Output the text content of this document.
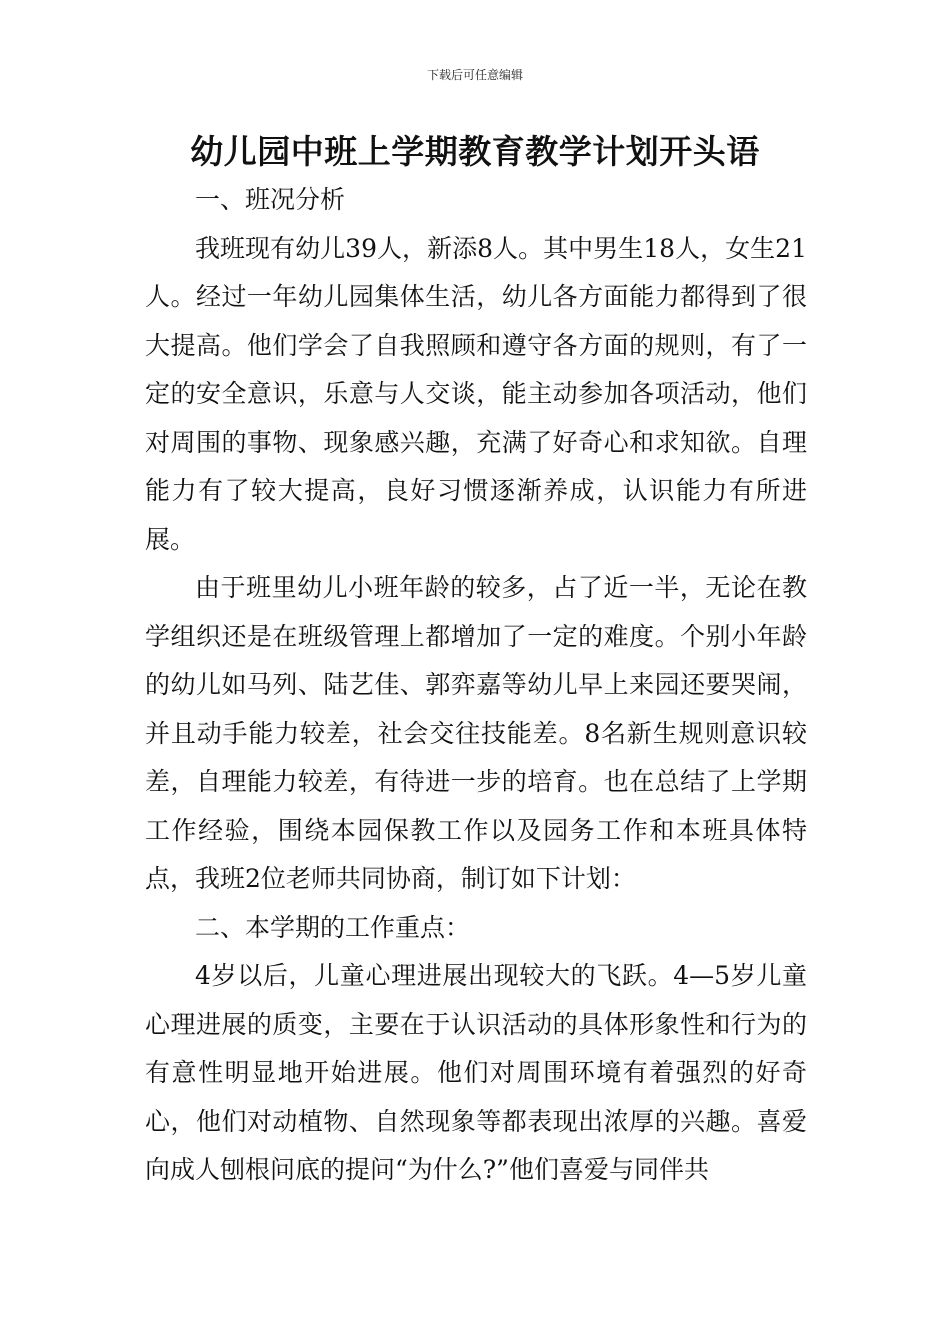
下载后可任意编辑
幼儿园中班上学期教育教学计划开头语

一、班况分析

我班现有幼儿39人，新添8人。其中男生18人，女生21人。经过一年幼儿园集体生活，幼儿各方面能力都得到了很大提高。他们学会了自我照顾和遵守各方面的规则，有了一定的安全意识，乐意与人交谈，能主动参加各项活动，他们对周围的事物、现象感兴趣，充满了好奇心和求知欲。自理能力有了较大提高，良好习惯逐渐养成，认识能力有所进展。

由于班里幼儿小班年龄的较多，占了近一半，无论在教学组织还是在班级管理上都增加了一定的难度。个别小年龄的幼儿如马列、陆艺佳、郭弈嘉等幼儿早上来园还要哭闹，并且动手能力较差，社会交往技能差。8名新生规则意识较差，自理能力较差，有待进一步的培育。也在总结了上学期工作经验，围绕本园保教工作以及园务工作和本班具体特点，我班2位老师共同协商，制订如下计划：

二、本学期的工作重点：

4岁以后，儿童心理进展出现较大的飞跃。4—5岁儿童心理进展的质变，主要在于认识活动的具体形象性和行为的有意性明显地开始进展。他们对周围环境有着强烈的好奇心，他们对动植物、自然现象等都表现出浓厚的兴趣。喜爱向成人刨根问底的提问“为什么?”他们喜爱与同伴共
